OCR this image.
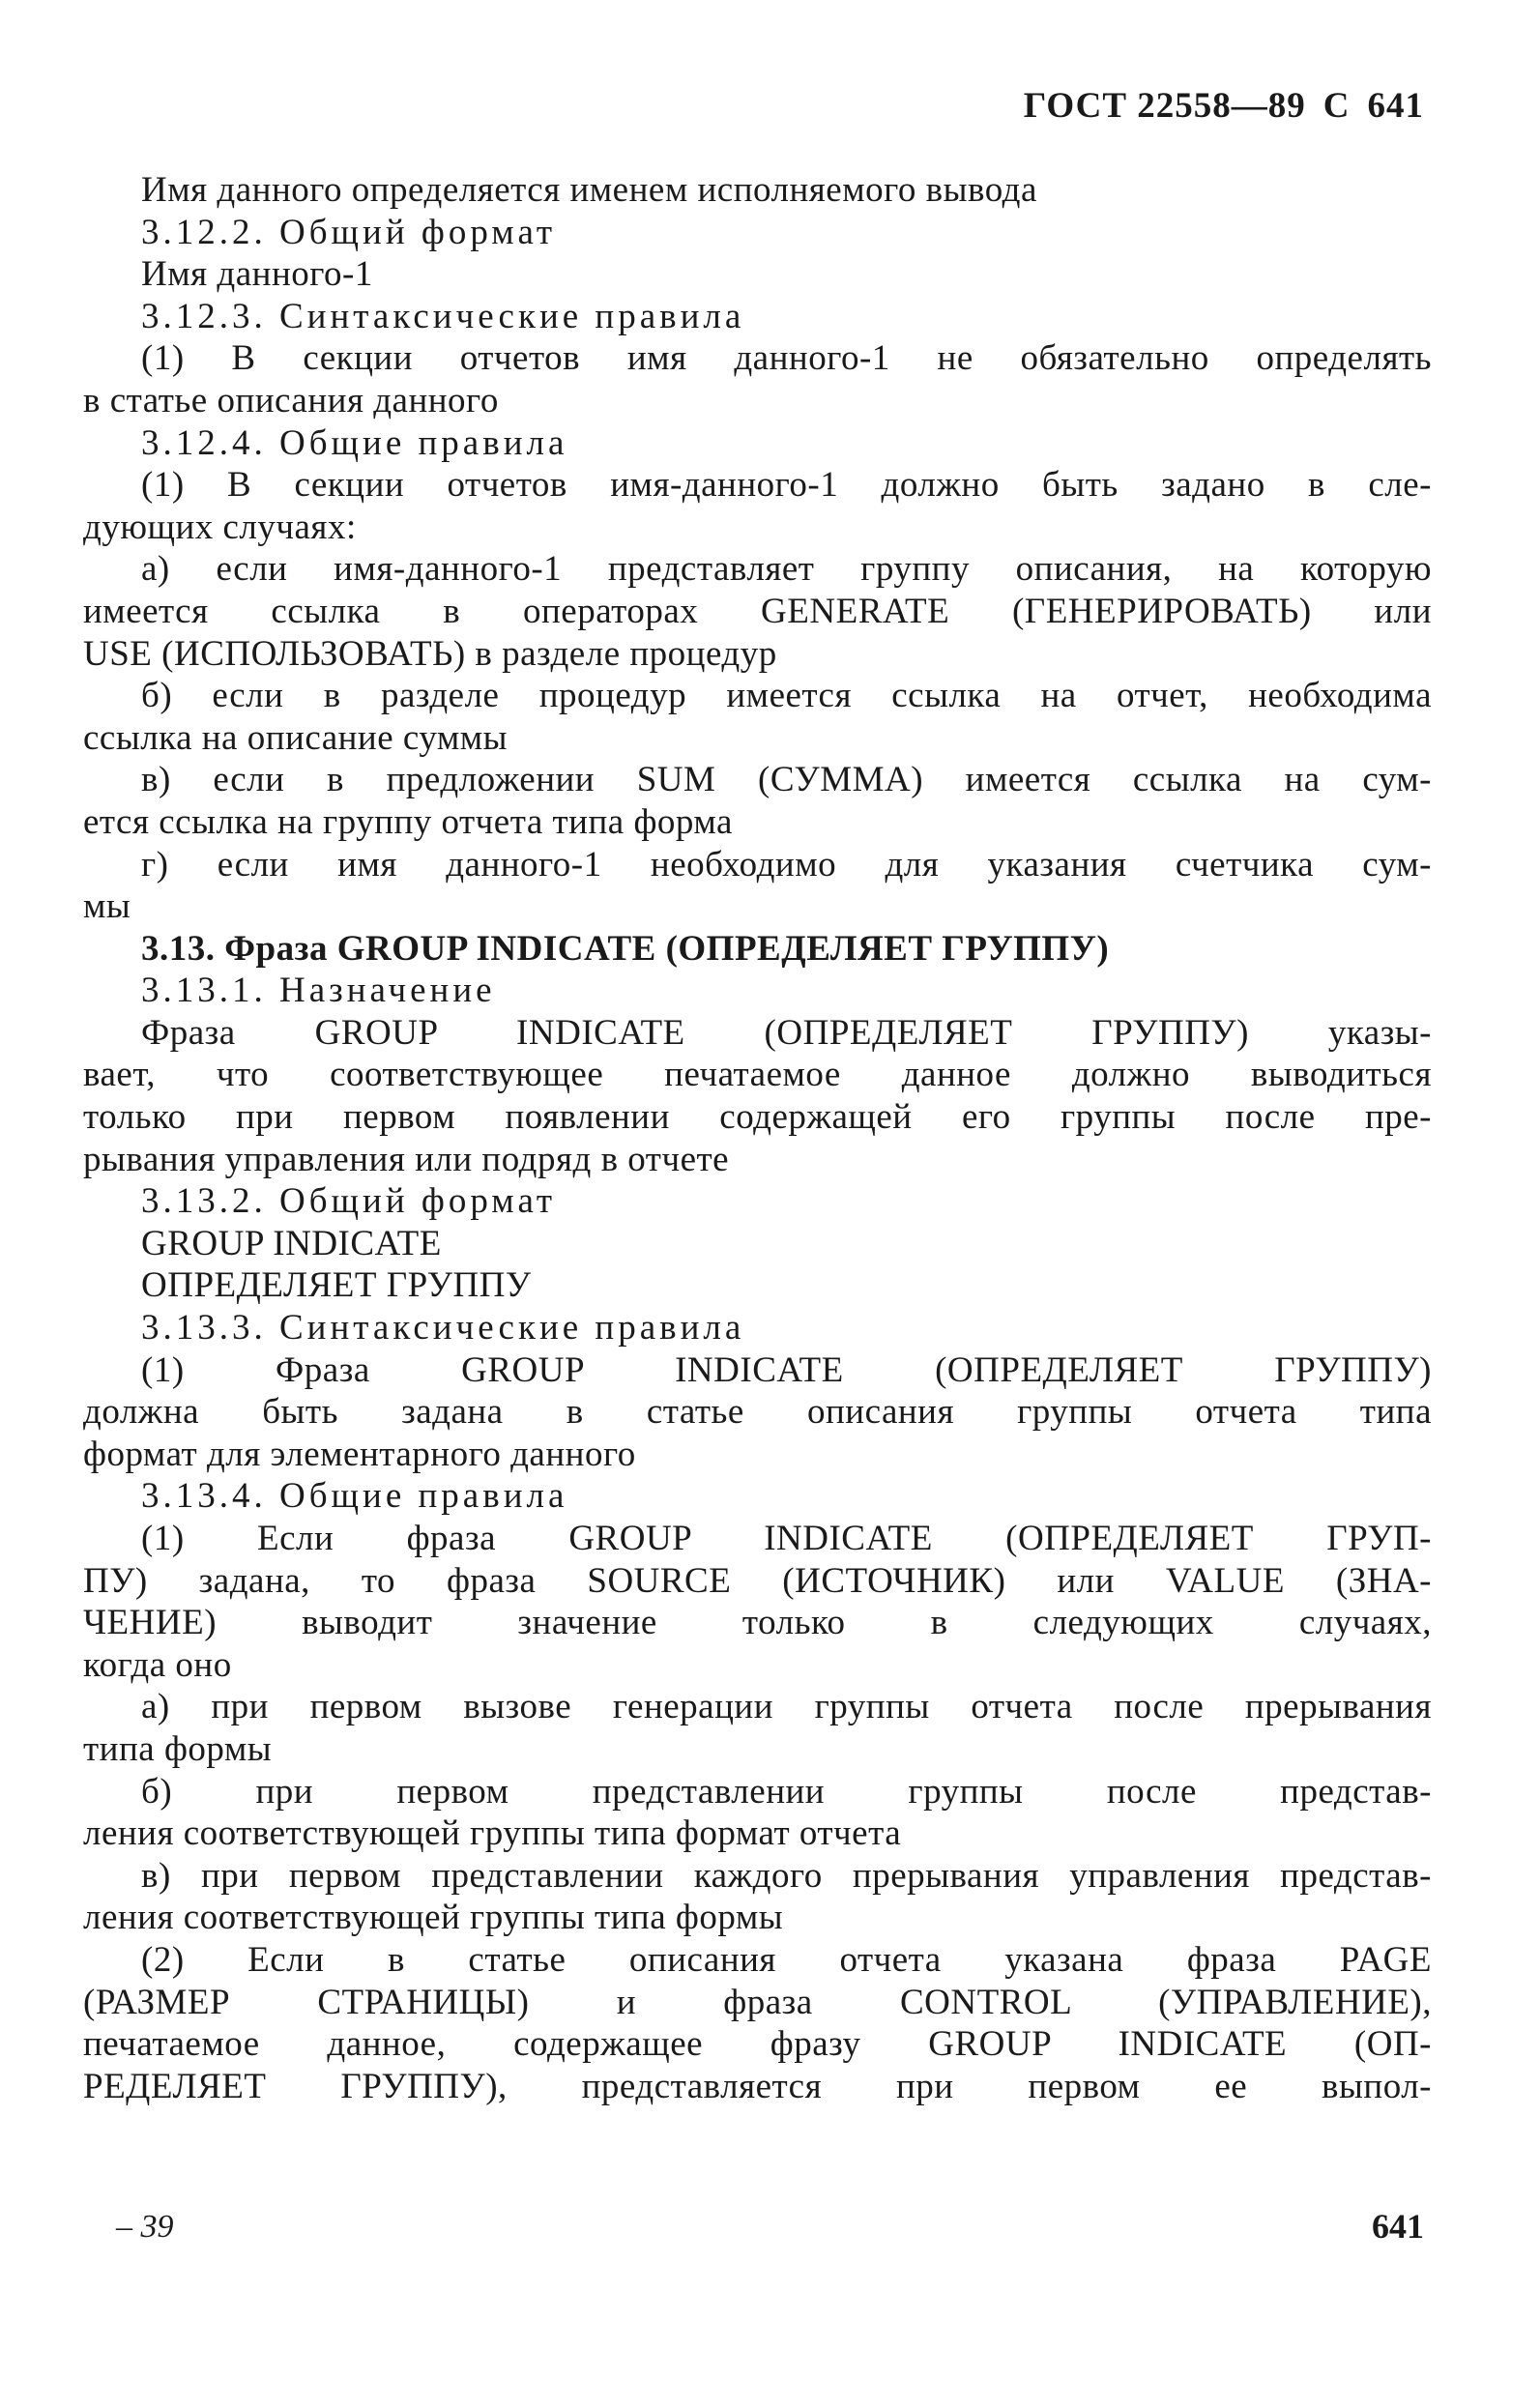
ГОСТ 22558—89 С 641
Имя данного определяется именем исполняемого вывода
3.12.2. Общий формат
Имя данного-1
3.12.3. Синтаксические правила
(1) В секции отчетов имя данного-1 не обязательно определять
в статье описания данного
3.12.4. Общие правила
(1) В секции отчетов имя-данного-1 должно быть задано в сле-
дующих случаях:
а) если имя-данного-1 представляет группу описания, на которую
имеется ссылка в операторах GENERATE (ГЕНЕРИРОВАТЬ) или
USE (ИСПОЛЬЗОВАТЬ) в разделе процедур
б) если в разделе процедур имеется ссылка на отчет, необходима
ссылка на описание суммы
в) если в предложении SUM (СУММА) имеется ссылка на сум-
ется ссылка на группу отчета типа форма
г) если имя данного-1 необходимо для указания счетчика сум-
мы
3.13. Фраза GROUP INDICATE (ОПРЕДЕЛЯЕТ ГРУППУ)
3.13.1. Назначение
Фраза GROUP INDICATE (ОПРЕДЕЛЯЕТ ГРУППУ) указы-
вает, что соответствующее печатаемое данное должно выводиться
только при первом появлении содержащей его группы после пре-
рывания управления или подряд в отчете
3.13.2. Общий формат
GROUP INDICATE
ОПРЕДЕЛЯЕТ ГРУППУ
3.13.3. Синтаксические правила
(1) Фраза GROUP INDICATE (ОПРЕДЕЛЯЕТ ГРУППУ)
должна быть задана в статье описания группы отчета типа
формат для элементарного данного
3.13.4. Общие правила
(1) Если фраза GROUP INDICATE (ОПРЕДЕЛЯЕТ ГРУП-
ПУ) задана, то фраза SOURCE (ИСТОЧНИК) или VALUE (ЗНА-
ЧЕНИЕ) выводит значение только в следующих случаях,
когда оно
а) при первом вызове генерации группы отчета после прерывания
типа формы
б) при первом представлении группы после представ-
ления соответствующей группы типа формат отчета
в) при первом представлении каждого прерывания управления представ-
ления соответствующей группы типа формы
(2) Если в статье описания отчета указана фраза PAGE
(РАЗМЕР СТРАНИЦЫ) и фраза CONTROL (УПРАВЛЕНИЕ),
печатаемое данное, содержащее фразу GROUP INDICATE (ОП-
РЕДЕЛЯЕТ ГРУППУ), представляется при первом ее выпол-
– 39	641
